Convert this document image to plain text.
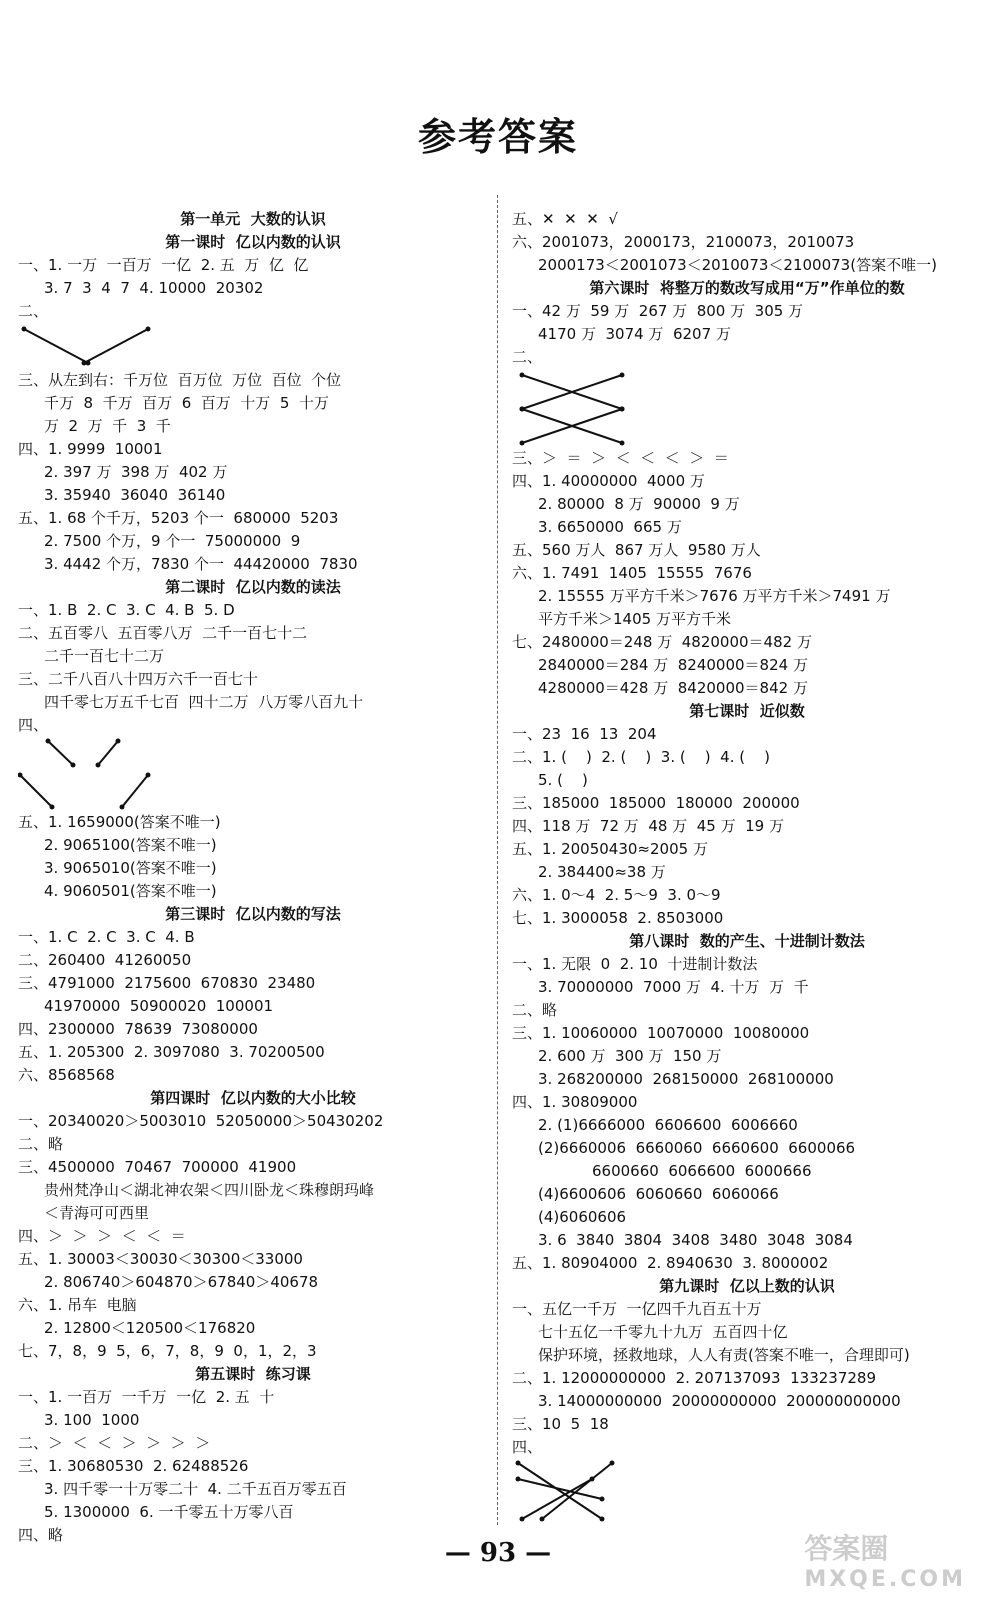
参考答案
第一单元  大数的认识
第一课时  亿以内数的认识
一、1. 一万  一百万  一亿  2. 五  万  亿  亿
3. 7  3  4  7  4. 10000  20302
二、
三、从左到右：千万位  百万位  万位  百位  个位
千万  8  千万  百万  6  百万  十万  5  十万
万  2  万  千  3  千
四、1. 9999  10001
2. 397 万  398 万  402 万
3. 35940  36040  36140
五、1. 68 个千万，5203 个一  680000  5203
2. 7500 个万，9 个一  75000000  9
3. 4442 个万，7830 个一  44420000  7830
第二课时  亿以内数的读法
一、1. B  2. C  3. C  4. B  5. D
二、五百零八  五百零八万  二千一百七十二
二千一百七十二万
三、二千八百八十四万六千一百七十
四千零七万五千七百  四十二万  八万零八百九十
四、
五、1. 1659000(答案不唯一)
2. 9065100(答案不唯一)
3. 9065010(答案不唯一)
4. 9060501(答案不唯一)
第三课时  亿以内数的写法
一、1. C  2. C  3. C  4. B
二、260400  41260050
三、4791000  2175600  670830  23480
41970000  50900020  100001
四、2300000  78639  73080000
五、1. 205300  2. 3097080  3. 70200500
六、8568568
第四课时  亿以内数的大小比较
一、20340020＞5003010  52050000＞50430202
二、略
三、4500000  70467  700000  41900
贵州梵净山＜湖北神农架＜四川卧龙＜珠穆朗玛峰
＜青海可可西里
四、＞  ＞  ＞  ＜  ＜  ＝
五、1. 30003＜30030＜30300＜33000
2. 806740＞604870＞67840＞40678
六、1. 吊车  电脑
2. 12800＜120500＜176820
七、7，8，9  5，6，7，8，9  0，1，2，3
第五课时  练习课
一、1. 一百万  一千万  一亿  2. 五  十
3. 100  1000
二、＞  ＜  ＜  ＞  ＞  ＞  ＞
三、1. 30680530  2. 62488526
3. 四千零一十万零二十  4. 二千五百万零五百
5. 1300000  6. 一千零五十万零八百
四、略
五、✕  ✕  ✕  √
六、2001073，2000173，2100073，2010073
2000173＜2001073＜2010073＜2100073(答案不唯一)
第六课时  将整万的数改写成用“万”作单位的数
一、42 万  59 万  267 万  800 万  305 万
4170 万  3074 万  6207 万
二、
三、＞  ＝  ＞  ＜  ＜  ＜  ＞  ＝
四、1. 40000000  4000 万
2. 80000  8 万  90000  9 万
3. 6650000  665 万
五、560 万人  867 万人  9580 万人
六、1. 7491  1405  15555  7676
2. 15555 万平方千米＞7676 万平方千米＞7491 万
平方千米＞1405 万平方千米
七、2480000＝248 万  4820000＝482 万
2840000＝284 万  8240000＝824 万
4280000＝428 万  8420000＝842 万
第七课时  近似数
一、23  16  13  204
二、1. (    )  2. (    )  3. (    )  4. (    )
5. (    )
三、185000  185000  180000  200000
四、118 万  72 万  48 万  45 万  19 万
五、1. 20050430≈2005 万
2. 384400≈38 万
六、1. 0～4  2. 5～9  3. 0～9
七、1. 3000058  2. 8503000
第八课时  数的产生、十进制计数法
一、1. 无限  0  2. 10  十进制计数法
3. 70000000  7000 万  4. 十万  万  千
二、略
三、1. 10060000  10070000  10080000
2. 600 万  300 万  150 万
3. 268200000  268150000  268100000
四、1. 30809000
2. (1)6666000  6606600  6006660
(2)6660006  6660060  6660600  6600066
6600660  6066600  6000666
(4)6600606  6060660  6060066
(4)6060606
3. 6  3840  3804  3408  3480  3048  3084
五、1. 80904000  2. 8940630  3. 8000002
第九课时  亿以上数的认识
一、五亿一千万  一亿四千九百五十万
七十五亿一千零九十九万  五百四十亿
保护环境，拯救地球，人人有责(答案不唯一，合理即可)
二、1. 12000000000  2. 207137093  133237289
3. 14000000000  20000000000  200000000000
三、10  5  18
四、
— 93 —	答案圈
MXQE.COM
